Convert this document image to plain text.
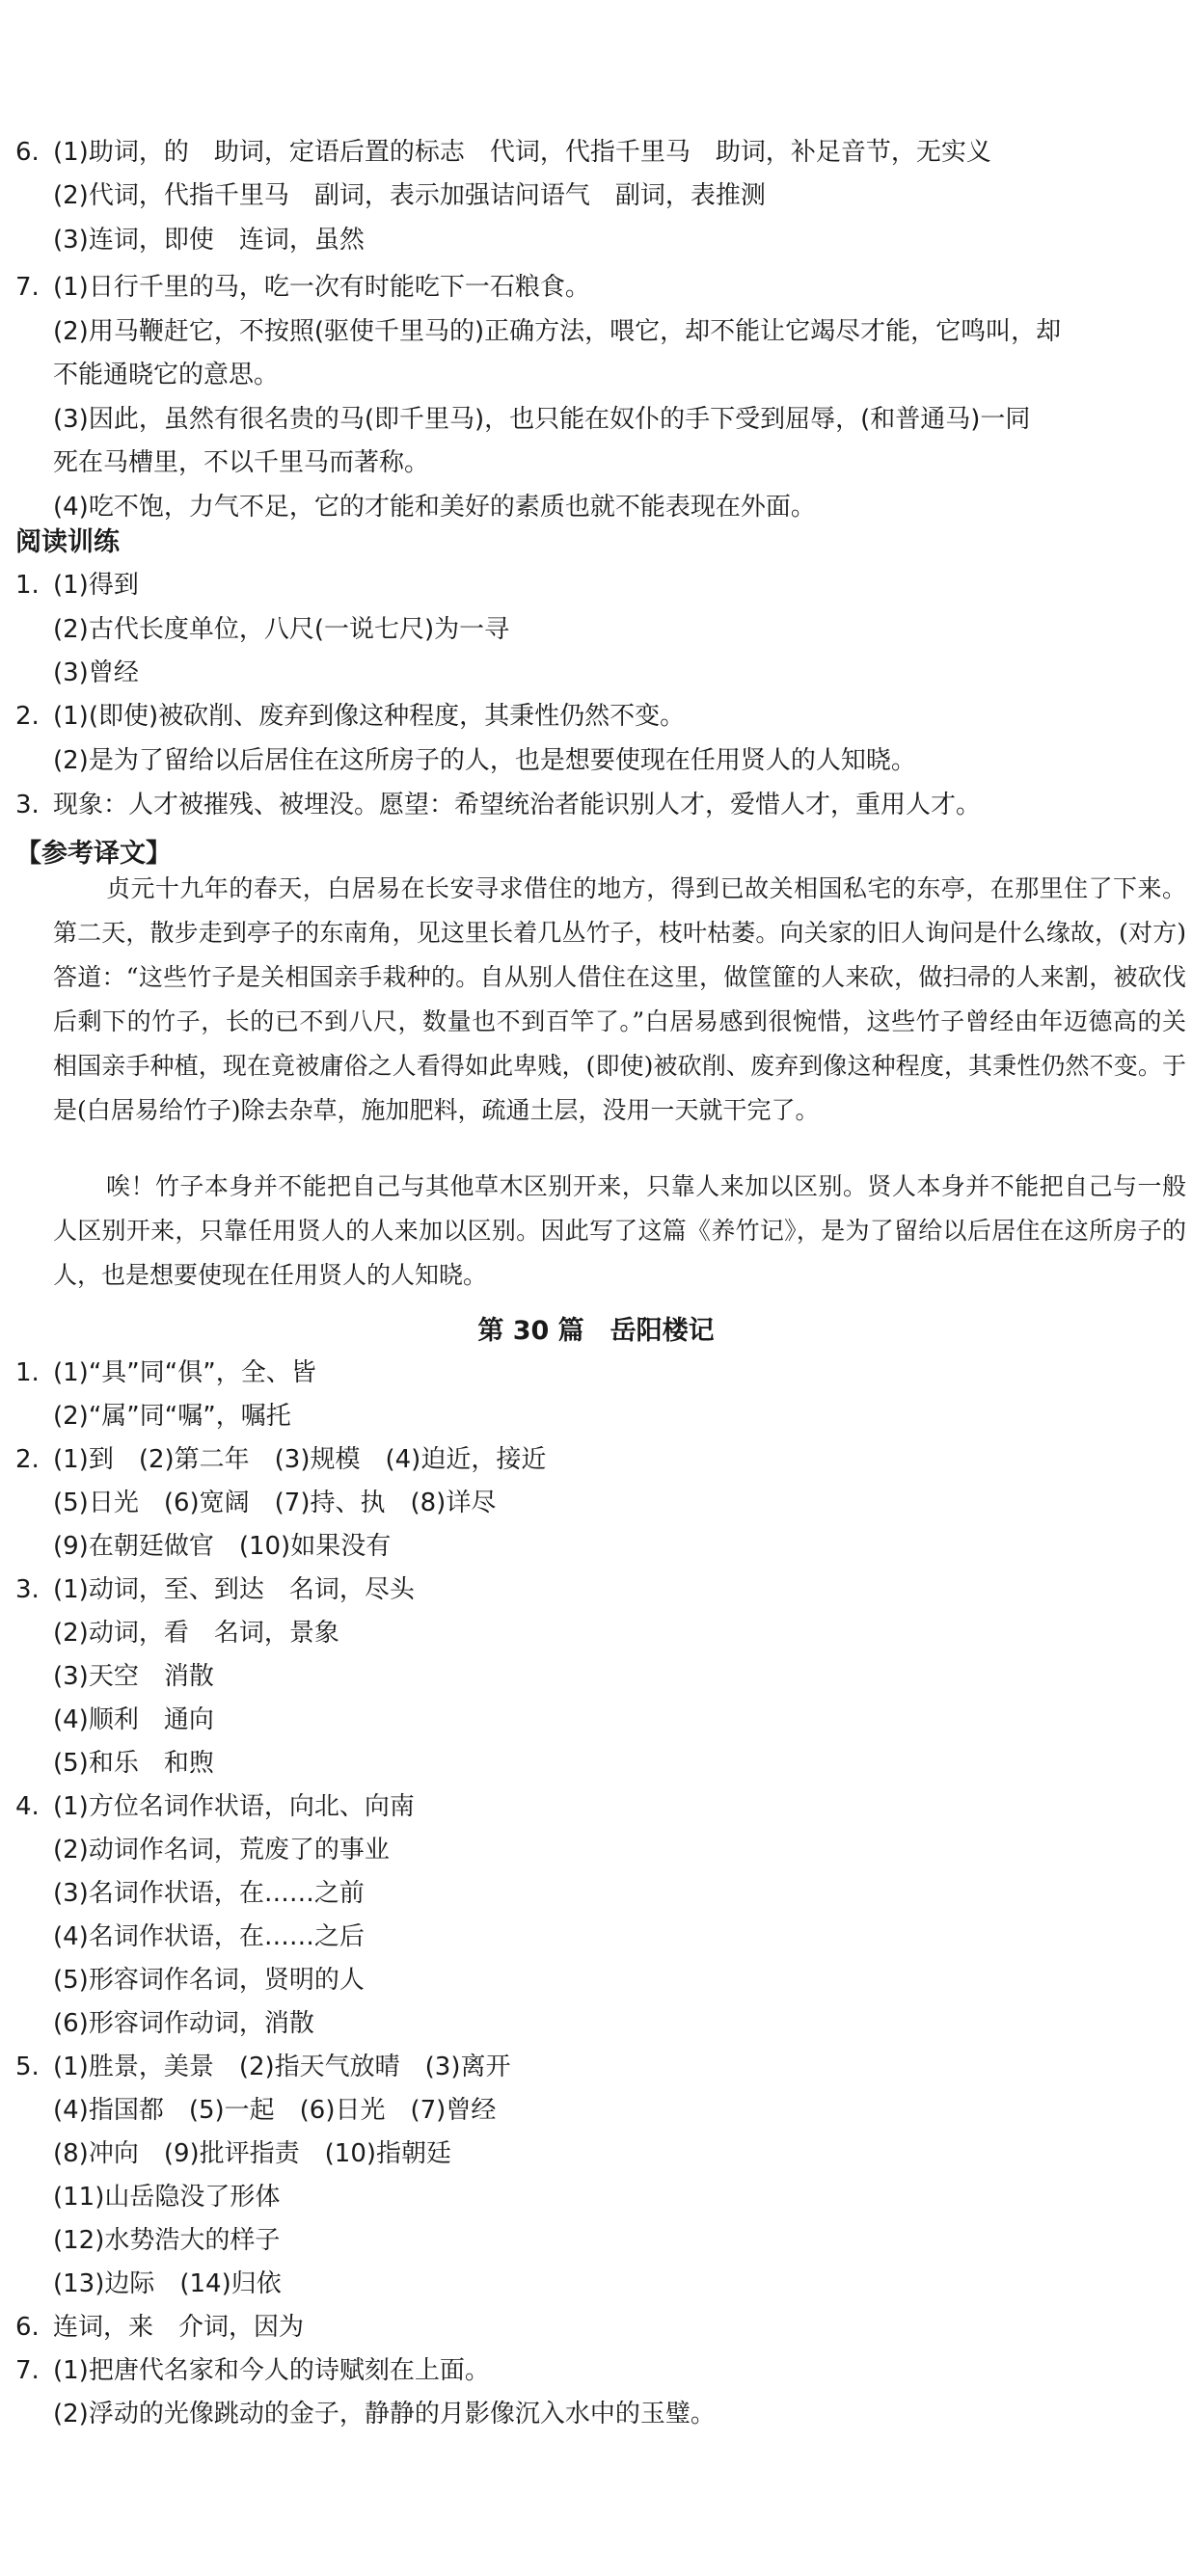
6. (1)助词，的　助词，定语后置的标志　代词，代指千里马　助词，补足音节，无实义
(2)代词，代指千里马　副词，表示加强诘问语气　副词，表推测
(3)连词，即使　连词，虽然
7. (1)日行千里的马，吃一次有时能吃下一石粮食。
(2)用马鞭赶它，不按照(驱使千里马的)正确方法，喂它，却不能让它竭尽才能，它鸣叫，却
不能通晓它的意思。
(3)因此，虽然有很名贵的马(即千里马)，也只能在奴仆的手下受到屈辱，(和普通马)一同
死在马槽里，不以千里马而著称。
(4)吃不饱，力气不足，它的才能和美好的素质也就不能表现在外面。
阅读训练
1. (1)得到
(2)古代长度单位，八尺(一说七尺)为一寻
(3)曾经
2. (1)(即使)被砍削、废弃到像这种程度，其秉性仍然不变。
(2)是为了留给以后居住在这所房子的人，也是想要使现在任用贤人的人知晓。
3. 现象：人才被摧残、被埋没。愿望：希望统治者能识别人才，爱惜人才，重用人才。
【参考译文】

贞元十九年的春天，白居易在长安寻求借住的地方，得到已故关相国私宅的东亭，在那里住了下来。第二天，散步走到亭子的东南角，见这里长着几丛竹子，枝叶枯萎。向关家的旧人询问是什么缘故，(对方)答道：“这些竹子是关相国亲手栽种的。自从别人借住在这里，做筐篚的人来砍，做扫帚的人来割，被砍伐后剩下的竹子，长的已不到八尺，数量也不到百竿了。”白居易感到很惋惜，这些竹子曾经由年迈德高的关相国亲手种植，现在竟被庸俗之人看得如此卑贱，(即使)被砍削、废弃到像这种程度，其秉性仍然不变。于是(白居易给竹子)除去杂草，施加肥料，疏通土层，没用一天就干完了。

唉！竹子本身并不能把自己与其他草木区别开来，只靠人来加以区别。贤人本身并不能把自己与一般人区别开来，只靠任用贤人的人来加以区别。因此写了这篇《养竹记》，是为了留给以后居住在这所房子的人，也是想要使现在任用贤人的人知晓。

第 30 篇　岳阳楼记
1. (1)“具”同“俱”，全、皆
(2)“属”同“嘱”，嘱托
2. (1)到　(2)第二年　(3)规模　(4)迫近，接近
(5)日光　(6)宽阔　(7)持、执　(8)详尽
(9)在朝廷做官　(10)如果没有
3. (1)动词，至、到达　名词，尽头
(2)动词，看　名词，景象
(3)天空　消散
(4)顺利　通向
(5)和乐　和煦
4. (1)方位名词作状语，向北、向南
(2)动词作名词，荒废了的事业
(3)名词作状语，在……之前
(4)名词作状语，在……之后
(5)形容词作名词，贤明的人
(6)形容词作动词，消散
5. (1)胜景，美景　(2)指天气放晴　(3)离开
(4)指国都　(5)一起　(6)日光　(7)曾经
(8)冲向　(9)批评指责　(10)指朝廷
(11)山岳隐没了形体
(12)水势浩大的样子
(13)边际　(14)归依
6. 连词，来　介词，因为
7. (1)把唐代名家和今人的诗赋刻在上面。
(2)浮动的光像跳动的金子，静静的月影像沉入水中的玉璧。
